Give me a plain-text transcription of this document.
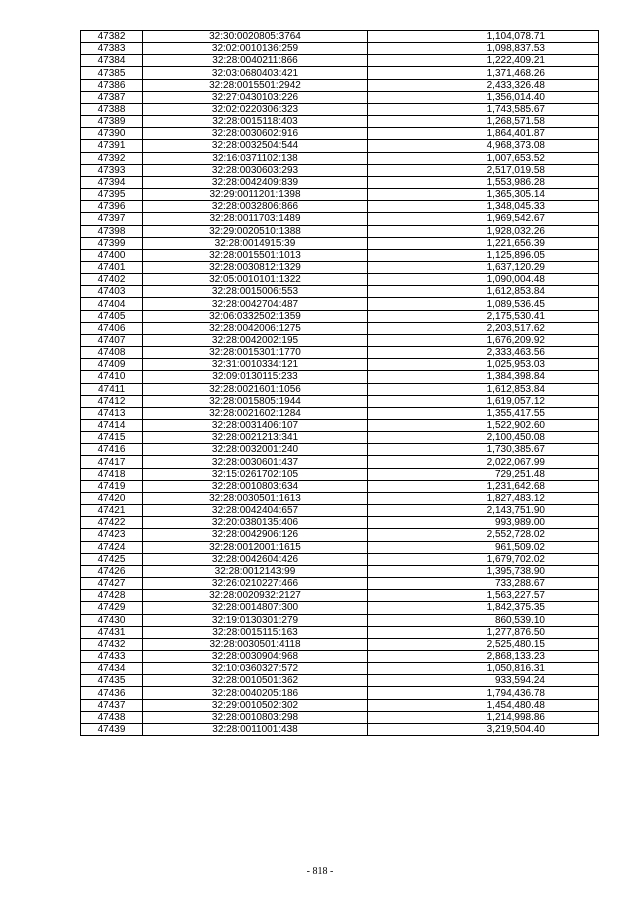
47382	32:30:0020805:3764	1,104,078.71
47383	32:02:0010136:259	1,098,837.53
47384	32:28:0040211:866	1,222,409.21
47385	32:03:0680403:421	1,371,468.26
47386	32:28:0015501:2942	2,433,326.48
47387	32:27:0430103:226	1,356,014.40
47388	32:02:0220306:323	1,743,585.67
47389	32:28:0015118:403	1,268,571.58
47390	32:28:0030602:916	1,864,401.87
47391	32:28:0032504:544	4,968,373.08
47392	32:16:0371102:138	1,007,653.52
47393	32:28:0030603:293	2,517,019.58
47394	32:28:0042409:839	1,553,986.28
47395	32:29:0011201:1398	1,365,305.14
47396	32:28:0032806:866	1,348,045.33
47397	32:28:0011703:1489	1,969,542.67
47398	32:29:0020510:1388	1,928,032.26
47399	32:28:0014915:39	1,221,656.39
47400	32:28:0015501:1013	1,125,896.05
47401	32:28:0030812:1329	1,637,120.29
47402	32:05:0010101:1322	1,090,004.48
47403	32:28:0015006:553	1,612,853.84
47404	32:28:0042704:487	1,089,536.45
47405	32:06:0332502:1359	2,175,530.41
47406	32:28:0042006:1275	2,203,517.62
47407	32:28:0042002:195	1,676,209.92
47408	32:28:0015301:1770	2,333,463.56
47409	32:31:0010334:121	1,025,953.03
47410	32:09:0130115:233	1,384,398.84
47411	32:28:0021601:1056	1,612,853.84
47412	32:28:0015805:1944	1,619,057.12
47413	32:28:0021602:1284	1,355,417.55
47414	32:28:0031406:107	1,522,902.60
47415	32:28:0021213:341	2,100,450.08
47416	32:28:0032001:240	1,730,385.67
47417	32:28:0030601:437	2,022,067.99
47418	32:15:0261702:105	729,251.48
47419	32:28:0010803:634	1,231,642.68
47420	32:28:0030501:1613	1,827,483.12
47421	32:28:0042404:657	2,143,751.90
47422	32:20:0380135:406	993,989.00
47423	32:28:0042906:126	2,552,728.02
47424	32:28:0012001:1615	961,509.02
47425	32:28:0042604:426	1,679,702.02
47426	32:28:0012143:99	1,395,738.90
47427	32:26:0210227:466	733,288.67
47428	32:28:0020932:2127	1,563,227.57
47429	32:28:0014807:300	1,842,375.35
47430	32:19:0130301:279	860,539.10
47431	32:28:0015115:163	1,277,876.50
47432	32:28:0030501:4118	2,525,480.15
47433	32:28:0030904:968	2,868,133.23
47434	32:10:0360327:572	1,050,816.31
47435	32:28:0010501:362	933,594.24
47436	32:28:0040205:186	1,794,436.78
47437	32:29:0010502:302	1,454,480.48
47438	32:28:0010803:298	1,214,998.86
47439	32:28:0011001:438	3,219,504.40
- 818 -
